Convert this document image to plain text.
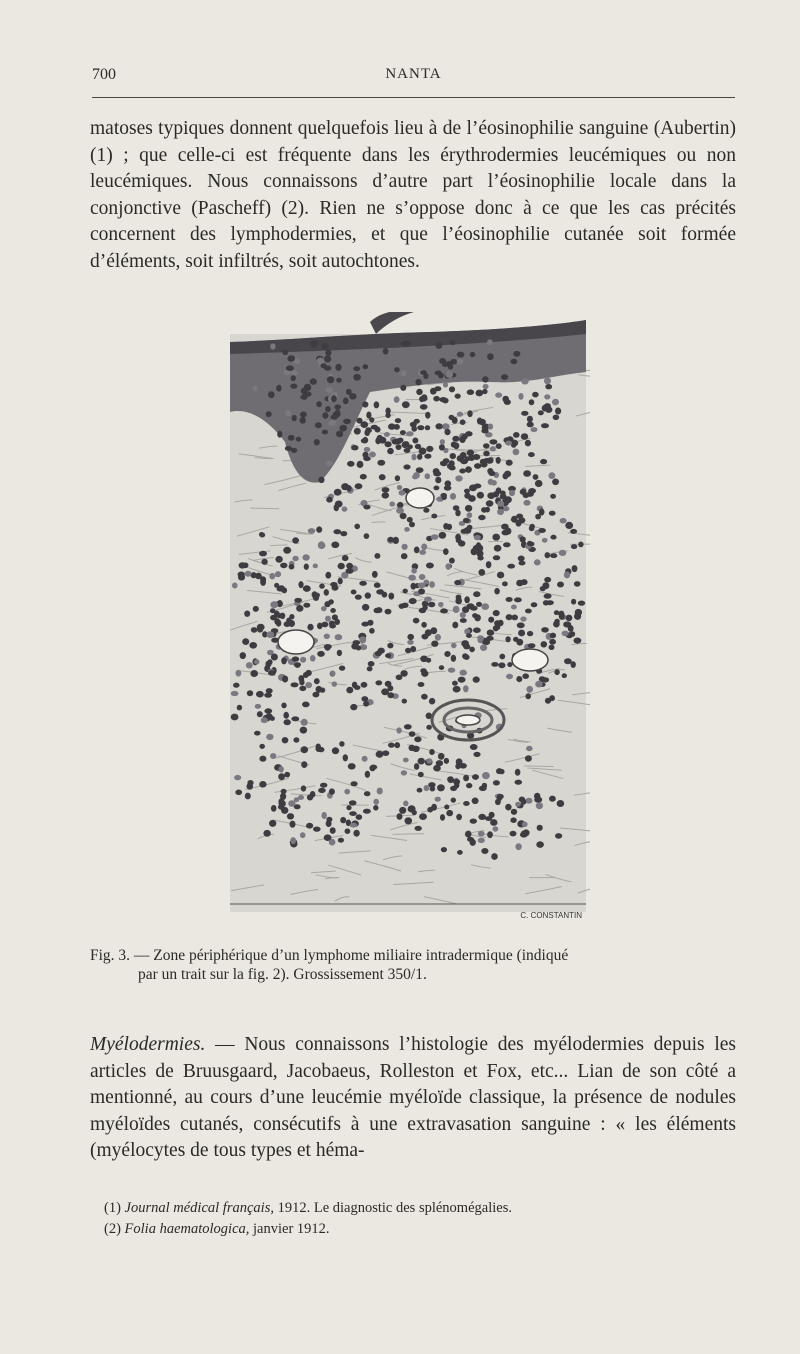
700	NANTA

matoses typiques donnent quelquefois lieu à de l’éosinophilie sanguine (Aubertin) (1) ; que celle-ci est fréquente dans les érythrodermies leucémiques ou non leucémiques. Nous connaissons d’autre part l’éosinophilie locale dans la conjonctive (Pascheff) (2). Rien ne s’oppose donc à ce que les cas précités concernent des lymphodermies, et que l’éosinophilie cutanée soit formée d’éléments, soit infiltrés, soit autochtones.

C. CONSTANTIN
Fig. 3. — Zone périphérique d’un lymphome miliaire intradermique (indiqué
par un trait sur la fig. 2). Grossissement 350/1.

Myélodermies. — Nous connaissons l’histologie des myélodermies depuis les articles de Bruusgaard, Jacobaeus, Rolleston et Fox, etc... Lian de son côté a mentionné, au cours d’une leucémie myéloïde classique, la présence de nodules myéloïdes cutanés, consécutifs à une extravasation sanguine : « les éléments (myélocytes de tous types et héma-

(1) Journal médical français, 1912. Le diagnostic des splénomégalies.
(2) Folia haematologica, janvier 1912.
